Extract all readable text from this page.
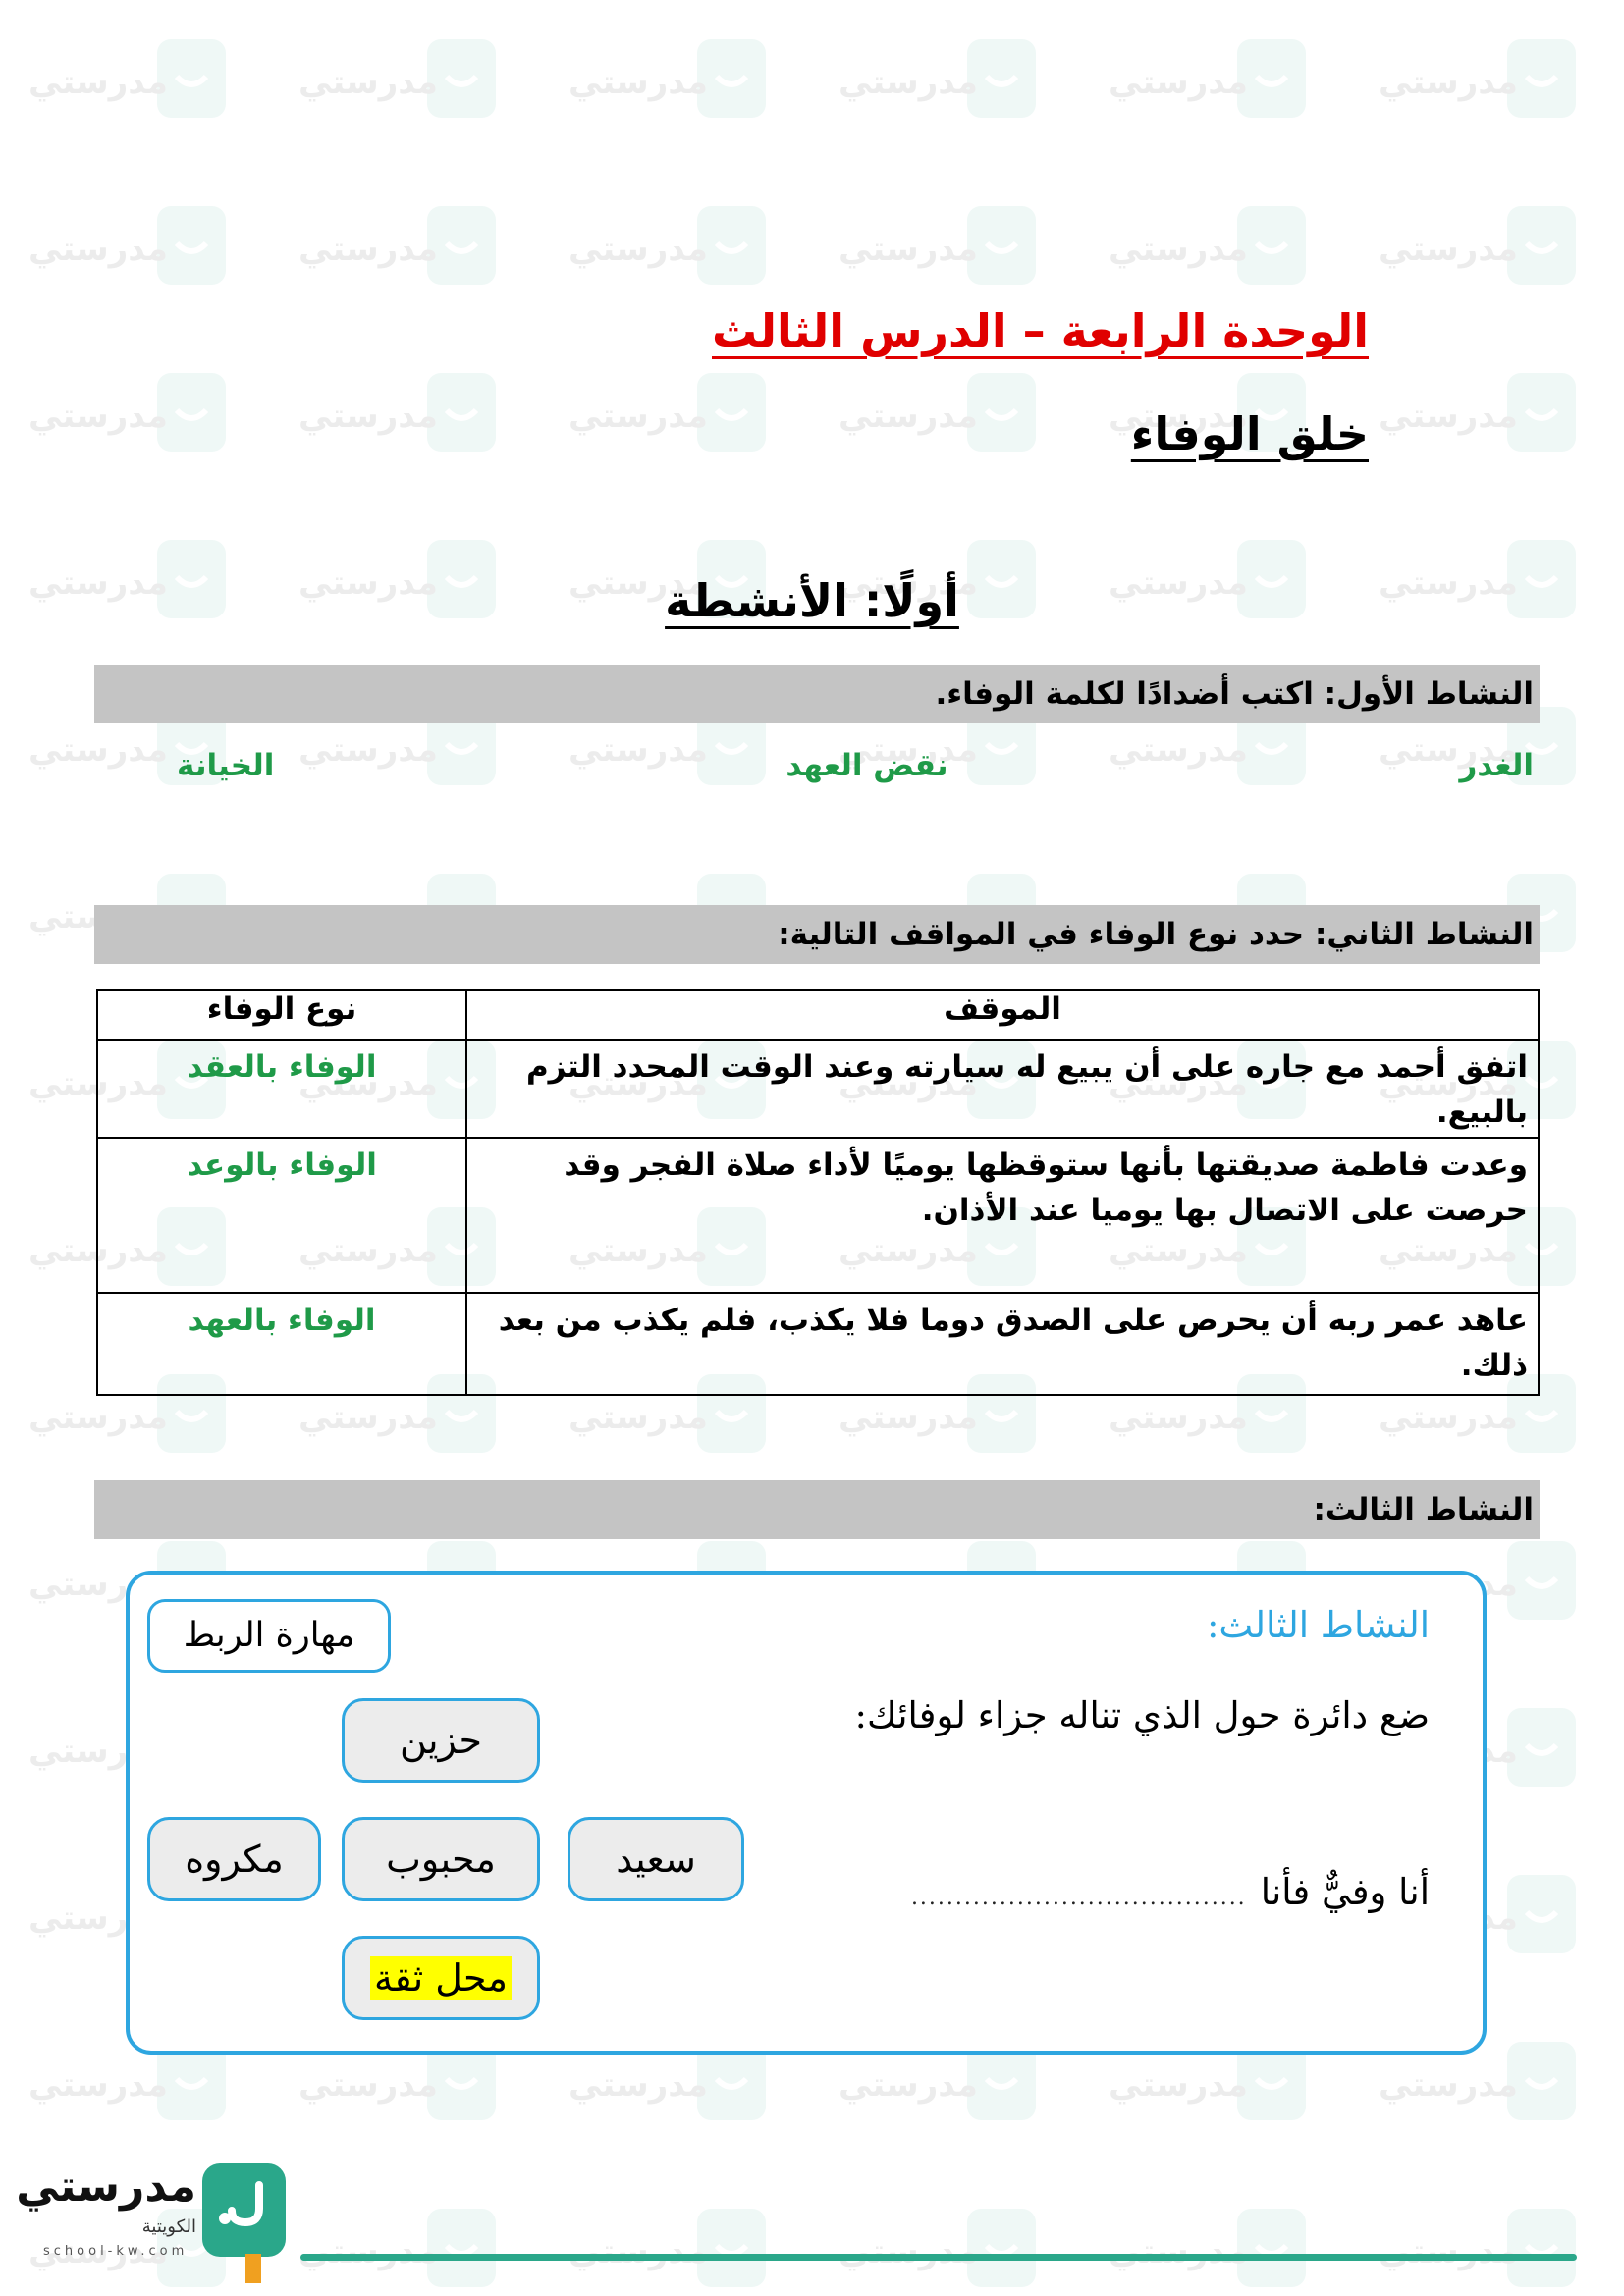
الوحدة الرابعة – الدرس الثالث
خلق الوفاء
أولًا: الأنشطة
النشاط الأول: اكتب أضدادًا لكلمة الوفاء.
الغدر
نقض العهد
الخيانة
النشاط الثاني: حدد نوع الوفاء في المواقف التالية:
الموقف	نوع الوفاء
اتفق أحمد مع جاره على أن يبيع له سيارته وعند الوقت المحدد التزم بالبيع.	الوفاء بالعقد
وعدت فاطمة صديقتها بأنها ستوقظها يوميًا لأداء صلاة الفجر وقد حرصت على الاتصال بها يوميا عند الأذان.	الوفاء بالوعد
عاهد عمر ربه أن يحرص على الصدق دوما فلا يكذب، فلم يكذب من بعد ذلك.	الوفاء بالعهد
النشاط الثالث:
مهارة الربط	النشاط الثالث:
ضع دائرة حول الذي تناله جزاء لوفائك:
أنا وفيٌّ فأنا
......................................
حزين
مكروه	محبوب	سعيد
محل ثقة
مدرستي
الكويتية
school-kw.com
